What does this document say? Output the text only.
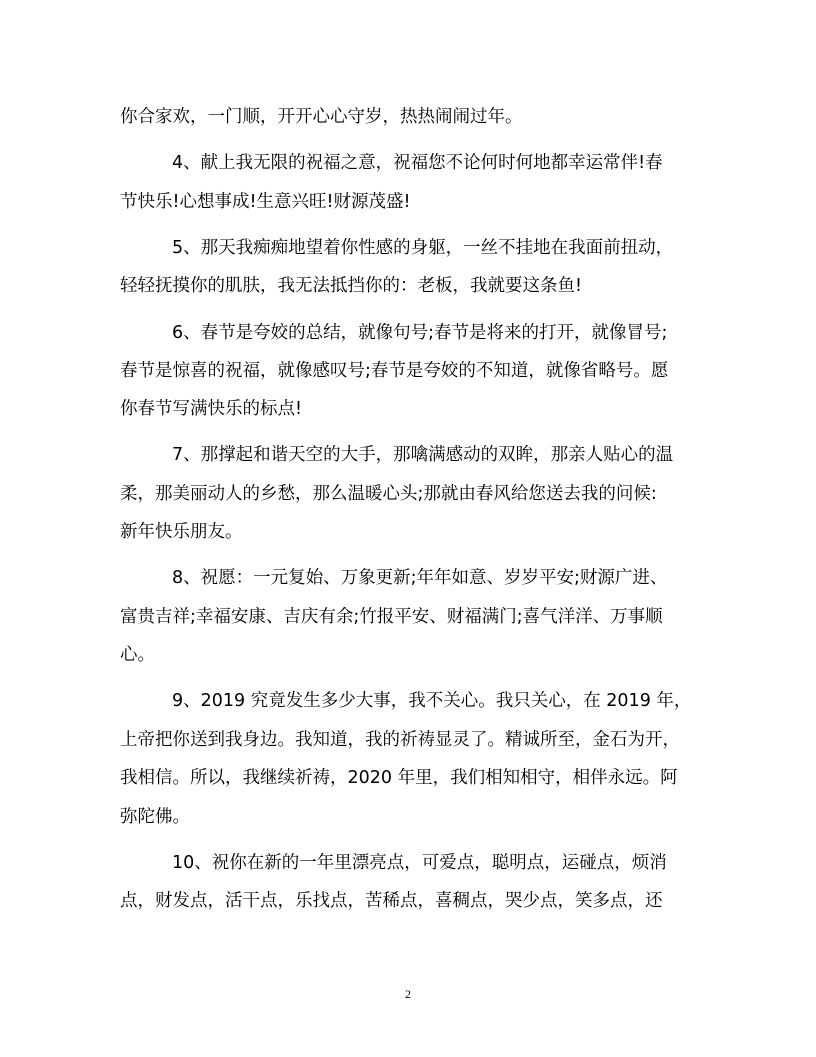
你合家欢，一门顺，开开心心守岁，热热闹闹过年。
4、献上我无限的祝福之意，祝福您不论何时何地都幸运常伴!春
节快乐!心想事成!生意兴旺!财源茂盛!
5、那天我痴痴地望着你性感的身躯，一丝不挂地在我面前扭动，
轻轻抚摸你的肌肤，我无法抵挡你的：老板，我就要这条鱼!
6、春节是夸姣的总结，就像句号;春节是将来的打开，就像冒号;
春节是惊喜的祝福，就像感叹号;春节是夸姣的不知道，就像省略号。愿
你春节写满快乐的标点!
7、那撑起和谐天空的大手，那噙满感动的双眸，那亲人贴心的温
柔，那美丽动人的乡愁，那么温暖心头;那就由春风给您送去我的问候:
新年快乐朋友。
8、祝愿：一元复始、万象更新;年年如意、岁岁平安;财源广进、
富贵吉祥;幸福安康、吉庆有余;竹报平安、财福满门;喜气洋洋、万事顺
心。
9、2019 究竟发生多少大事，我不关心。我只关心，在 2019 年，
上帝把你送到我身边。我知道，我的祈祷显灵了。精诚所至，金石为开，
我相信。所以，我继续祈祷，2020 年里，我们相知相守，相伴永远。阿
弥陀佛。
10、祝你在新的一年里漂亮点，可爱点，聪明点，运碰点，烦消
点，财发点，活干点，乐找点，苦稀点，喜稠点，哭少点，笑多点，还
2
